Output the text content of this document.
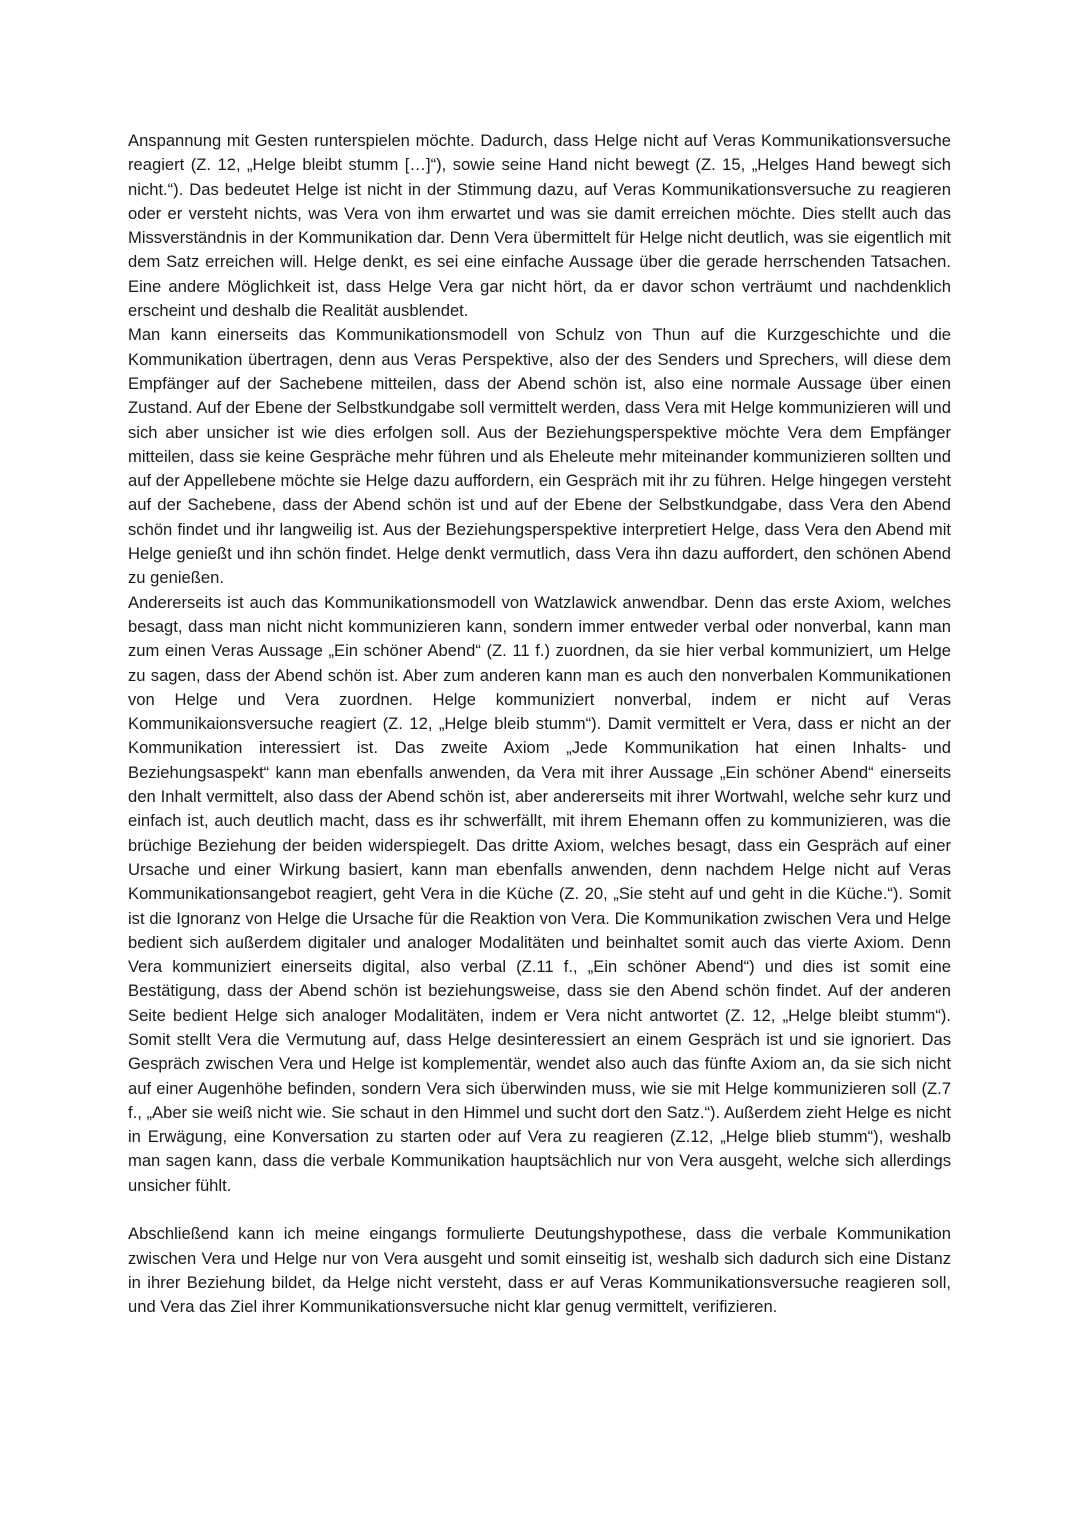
Anspannung mit Gesten runterspielen möchte. Dadurch, dass Helge nicht auf Veras Kommunikationsversuche reagiert (Z. 12, „Helge bleibt stumm […]“), sowie seine Hand nicht bewegt (Z. 15, „Helges Hand bewegt sich nicht.“). Das bedeutet Helge ist nicht in der Stimmung dazu, auf Veras Kommunikationsversuche zu reagieren oder er versteht nichts, was Vera von ihm erwartet und was sie damit erreichen möchte. Dies stellt auch das Missverständnis in der Kommunikation dar. Denn Vera übermittelt für Helge nicht deutlich, was sie eigentlich mit dem Satz erreichen will. Helge denkt, es sei eine einfache Aussage über die gerade herrschenden Tatsachen. Eine andere Möglichkeit ist, dass Helge Vera gar nicht hört, da er davor schon verträumt und nachdenklich erscheint und deshalb die Realität ausblendet.

Man kann einerseits das Kommunikationsmodell von Schulz von Thun auf die Kurzgeschichte und die Kommunikation übertragen, denn aus Veras Perspektive, also der des Senders und Sprechers, will diese dem Empfänger auf der Sachebene mitteilen, dass der Abend schön ist, also eine normale Aussage über einen Zustand. Auf der Ebene der Selbstkundgabe soll vermittelt werden, dass Vera mit Helge kommunizieren will und sich aber unsicher ist wie dies erfolgen soll. Aus der Beziehungsperspektive möchte Vera dem Empfänger mitteilen, dass sie keine Gespräche mehr führen und als Eheleute mehr miteinander kommunizieren sollten und auf der Appellebene möchte sie Helge dazu auffordern, ein Gespräch mit ihr zu führen. Helge hingegen versteht auf der Sachebene, dass der Abend schön ist und auf der Ebene der Selbstkundgabe, dass Vera den Abend schön findet und ihr langweilig ist. Aus der Beziehungsperspektive interpretiert Helge, dass Vera den Abend mit Helge genießt und ihn schön findet. Helge denkt vermutlich, dass Vera ihn dazu auffordert, den schönen Abend zu genießen.

Andererseits ist auch das Kommunikationsmodell von Watzlawick anwendbar. Denn das erste Axiom, welches besagt, dass man nicht nicht kommunizieren kann, sondern immer entweder verbal oder nonverbal, kann man zum einen Veras Aussage „Ein schöner Abend“ (Z. 11 f.) zuordnen, da sie hier verbal kommuniziert, um Helge zu sagen, dass der Abend schön ist. Aber zum anderen kann man es auch den nonverbalen Kommunikationen von Helge und Vera zuordnen. Helge kommuniziert nonverbal, indem er nicht auf Veras Kommunikaionsversuche reagiert (Z. 12, „Helge bleib stumm“). Damit vermittelt er Vera, dass er nicht an der Kommunikation interessiert ist. Das zweite Axiom „Jede Kommunikation hat einen Inhalts- und Beziehungsaspekt“ kann man ebenfalls anwenden, da Vera mit ihrer Aussage „Ein schöner Abend“ einerseits den Inhalt vermittelt, also dass der Abend schön ist, aber andererseits mit ihrer Wortwahl, welche sehr kurz und einfach ist, auch deutlich macht, dass es ihr schwerfällt, mit ihrem Ehemann offen zu kommunizieren, was die brüchige Beziehung der beiden widerspiegelt. Das dritte Axiom, welches besagt, dass ein Gespräch auf einer Ursache und einer Wirkung basiert, kann man ebenfalls anwenden, denn nachdem Helge nicht auf Veras Kommunikationsangebot reagiert, geht Vera in die Küche (Z. 20, „Sie steht auf und geht in die Küche.“). Somit ist die Ignoranz von Helge die Ursache für die Reaktion von Vera. Die Kommunikation zwischen Vera und Helge bedient sich außerdem digitaler und analoger Modalitäten und beinhaltet somit auch das vierte Axiom. Denn Vera kommuniziert einerseits digital, also verbal (Z.11 f., „Ein schöner Abend“) und dies ist somit eine Bestätigung, dass der Abend schön ist beziehungsweise, dass sie den Abend schön findet. Auf der anderen Seite bedient Helge sich analoger Modalitäten, indem er Vera nicht antwortet (Z. 12, „Helge bleibt stumm“). Somit stellt Vera die Vermutung auf, dass Helge desinteressiert an einem Gespräch ist und sie ignoriert. Das Gespräch zwischen Vera und Helge ist komplementär, wendet also auch das fünfte Axiom an, da sie sich nicht auf einer Augenhöhe befinden, sondern Vera sich überwinden muss, wie sie mit Helge kommunizieren soll (Z.7 f., „Aber sie weiß nicht wie. Sie schaut in den Himmel und sucht dort den Satz.“). Außerdem zieht Helge es nicht in Erwägung, eine Konversation zu starten oder auf Vera zu reagieren (Z.12, „Helge blieb stumm“), weshalb man sagen kann, dass die verbale Kommunikation hauptsächlich nur von Vera ausgeht, welche sich allerdings unsicher fühlt.

Abschließend kann ich meine eingangs formulierte Deutungshypothese, dass die verbale Kommunikation zwischen Vera und Helge nur von Vera ausgeht und somit einseitig ist, weshalb sich dadurch sich eine Distanz in ihrer Beziehung bildet, da Helge nicht versteht, dass er auf Veras Kommunikationsversuche reagieren soll, und Vera das Ziel ihrer Kommunikationsversuche nicht klar genug vermittelt, verifizieren.
